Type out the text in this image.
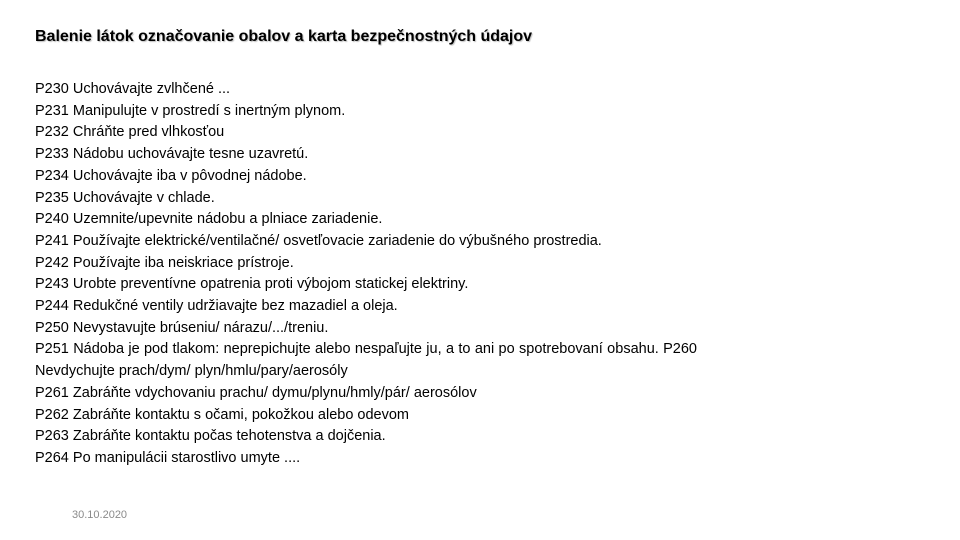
Balenie látok označovanie obalov a karta bezpečnostných údajov
P230 Uchovávajte zvlhčené ...
P231 Manipulujte v prostredí s inertným plynom.
P232 Chráňte pred vlhkosťou
P233 Nádobu uchovávajte tesne uzavretú.
P234 Uchovávajte iba v pôvodnej nádobe.
P235 Uchovávajte v chlade.
P240 Uzemnite/upevnite nádobu a plniace zariadenie.
P241 Používajte elektrické/ventilačné/ osvetľovacie zariadenie do výbušného prostredia.
P242 Používajte iba neiskriace prístroje.
P243 Urobte preventívne opatrenia proti výbojom statickej elektriny.
P244 Redukčné ventily udržiavajte bez mazadiel a oleja.
P250 Nevystavujte brúseniu/ nárazu/.../treniu.
P251 Nádoba je pod tlakom: neprepichujte alebo nespaľujte ju, a to ani po spotrebovaní obsahu. P260 Nevdychujte prach/dym/ plyn/hmlu/pary/aerosóly
P261 Zabráňte vdychovaniu prachu/ dymu/plynu/hmly/pár/ aerosólov
P262 Zabráňte kontaktu s očami, pokožkou alebo odevom
P263 Zabráňte kontaktu počas tehotenstva a dojčenia.
P264 Po manipulácii starostlivo umyte ....
30.10.2020
